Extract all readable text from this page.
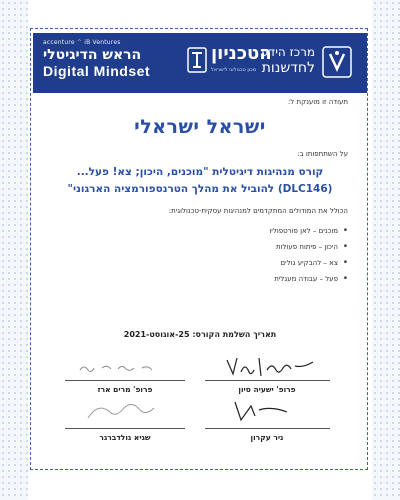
accenture ^ iB Ventures
הראש הדיגיטלי
Digital Mindset
הטכניון
מכון טכנולוגי לישראל
מרכז הידע
לחדשנות
תעודה זו מוענקת ל:
ישראל ישראלי
על השתתפותו ב:
קורס מנהיגות דיגיטלית "מוכנים, היכון; צא! פעל...
(DLC146) להוביל את מהלך הטרנספורמציה הארגוני"
הכולל את המודולים המתקדמים למנהיגות עסקית-טכנולוגית:
• מוכנים – לאן פורטפוליו
• היכון – פיתוח פעולות
• צא – להבקיע גולים
• פעל – עבודה מעגלית
תאריך השלמת הקורס: 25-אוגוסט-2021
פרופ' מרים ארז	פרופ' ישעיה סיון
שגיא גולדברגר	ניר עקרון
